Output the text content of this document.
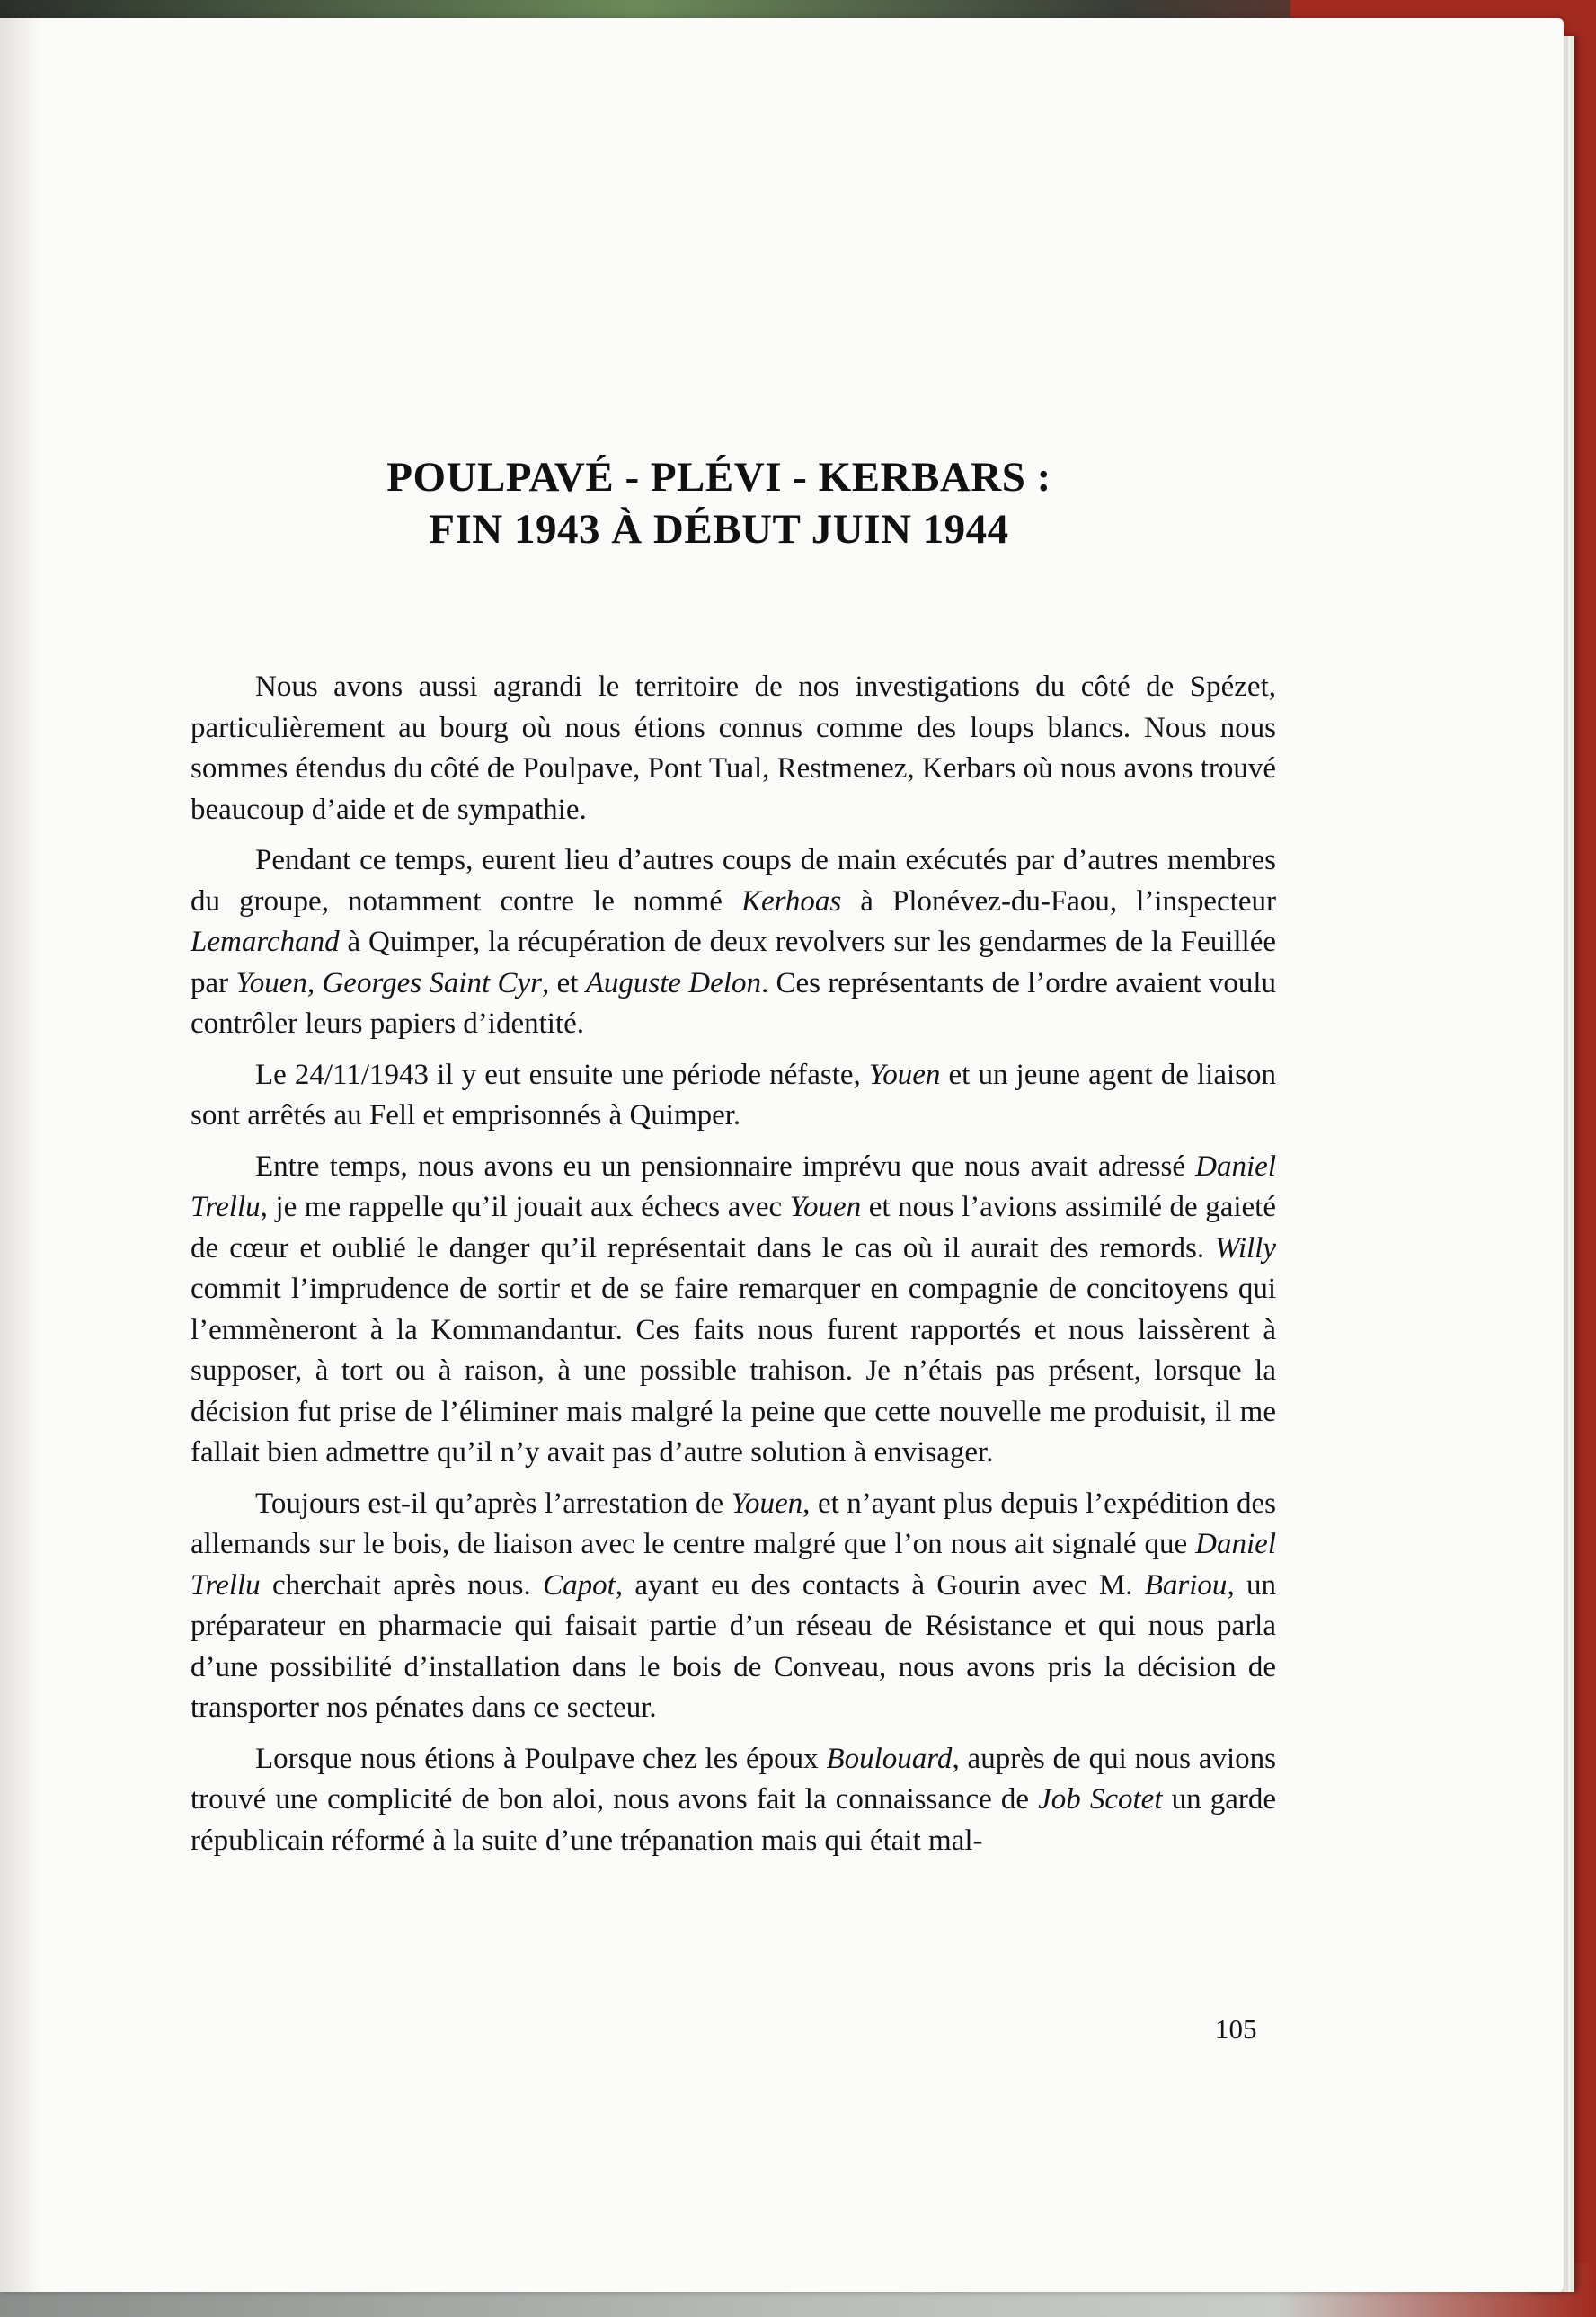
POULPAVÉ - PLÉVI - KERBARS :
FIN 1943 À DÉBUT JUIN 1944

Nous avons aussi agrandi le territoire de nos investigations du côté de Spézet, particulièrement au bourg où nous étions connus comme des loups blancs. Nous nous sommes étendus du côté de Poulpave, Pont Tual, Restmenez, Kerbars où nous avons trouvé beaucoup d’aide et de sympathie.

Pendant ce temps, eurent lieu d’autres coups de main exécutés par d’autres membres du groupe, notamment contre le nommé Kerhoas à Plonévez-du-Faou, l’inspecteur Lemarchand à Quimper, la récupération de deux revolvers sur les gendarmes de la Feuillée par Youen, Georges Saint Cyr, et Auguste Delon. Ces représentants de l’ordre avaient voulu contrôler leurs papiers d’identité.

Le 24/11/1943 il y eut ensuite une période néfaste, Youen et un jeune agent de liaison sont arrêtés au Fell et emprisonnés à Quimper.

Entre temps, nous avons eu un pensionnaire imprévu que nous avait adressé Daniel Trellu, je me rappelle qu’il jouait aux échecs avec Youen et nous l’avions assimilé de gaieté de cœur et oublié le danger qu’il représentait dans le cas où il aurait des remords. Willy commit l’imprudence de sortir et de se faire remarquer en compagnie de concitoyens qui l’emmèneront à la Kommandantur. Ces faits nous furent rapportés et nous laissèrent à supposer, à tort ou à raison, à une possible trahison. Je n’étais pas présent, lorsque la décision fut prise de l’éliminer mais malgré la peine que cette nouvelle me produisit, il me fallait bien admettre qu’il n’y avait pas d’autre solution à envisager.

Toujours est-il qu’après l’arrestation de Youen, et n’ayant plus depuis l’expédition des allemands sur le bois, de liaison avec le centre malgré que l’on nous ait signalé que Daniel Trellu cherchait après nous. Capot, ayant eu des contacts à Gourin avec M. Bariou, un préparateur en pharmacie qui faisait partie d’un réseau de Résistance et qui nous parla d’une possibilité d’installation dans le bois de Conveau, nous avons pris la décision de transporter nos pénates dans ce secteur.

Lorsque nous étions à Poulpave chez les époux Boulouard, auprès de qui nous avions trouvé une complicité de bon aloi, nous avons fait la connaissance de Job Scotet un garde républicain réformé à la suite d’une trépanation mais qui était mal-

105
